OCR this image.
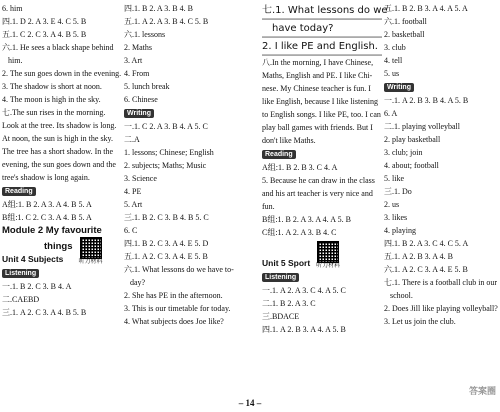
6. him

四.1. D 2. A 3. E 4. C 5. B

五.1. C 2. C 3. A 4. B 5. B

六.1. He sees a black shape behind

him.

2. The sun goes down in the evening.

3. The shadow is short at noon.

4. The moon is high in the sky.

七.The sun rises in the morning.

Look at the tree. Its shadow is long.

At noon, the sun is high in the sky.

The tree has a short shadow. In the

evening, the sun goes down and the

tree's shadow is long again.

Reading

A组:1. B 2. A 3. A 4. B 5. A

B组:1. C 2. C 3. A 4. B 5. A

Module 2 My favourite

things

Unit 4 Subjects	听力材料
Listening

一.1. B 2. C 3. B 4. A

二.CAEBD

三.1. A 2. C 3. A 4. B 5. B

四.1. B 2. A 3. B 4. B

五.1. A 2. A 3. B 4. C 5. B

六.1. lessons

2. Maths

3. Art

4. From

5. lunch break

6. Chinese

Writing

一.1. C 2. A 3. B 4. A 5. C

二.A

1. lessons; Chinese; English

2. subjects; Maths; Music

3. Science

4. PE

5. Art

三.1. B 2. C 3. B 4. B 5. C

6. C

四.1. B 2. C 3. A 4. E 5. D

五.1. A 2. C 3. A 4. E 5. B

六.1. What lessons do we have to-

day?

2. She has PE in the afternoon.

3. This is our timetable for today.

4. What subjects does Joe like?

七.1. What lessons do we

have today?

2. I like PE and English.

八.In the morning, I have Chinese,

Maths, English and PE. I like Chi-

nese. My Chinese teacher is fun. I

like English, because I like listening

to English songs. I like PE, too. I can

play ball games with friends. But I

don't like Maths.

Reading

A组:1. B 2. B 3. C 4. A

5. Because he can draw in the class

and his art teacher is very nice and

fun.

B组:1. B 2. A 3. A 4. A 5. B

C组:1. A 2. A 3. B 4. C

Unit 5 Sport 听力材料
Listening

一.1. A 2. A 3. C 4. A 5. C

二.1. B 2. A 3. C

三.BDACE

四.1. A 2. B 3. A 4. A 5. B

五.1. B 2. B 3. A 4. A 5. A

六.1. football

2. basketball

3. club

4. tell

5. us

Writing

一.1. A 2. B 3. B 4. A 5. B

6. A

二.1. playing volleyball

2. play basketball

3. club; join

4. about; football

5. like

三.1. Do

2. us

3. likes

4. playing

四.1. B 2. A 3. C 4. C 5. A

五.1. A 2. B 3. A 4. B

六.1. A 2. C 3. A 4. E 5. B

七.1. There is a football club in our

school.

2. Does Jill like playing volleyball?

3. Let us join the club.

– 14 –
答案圈
